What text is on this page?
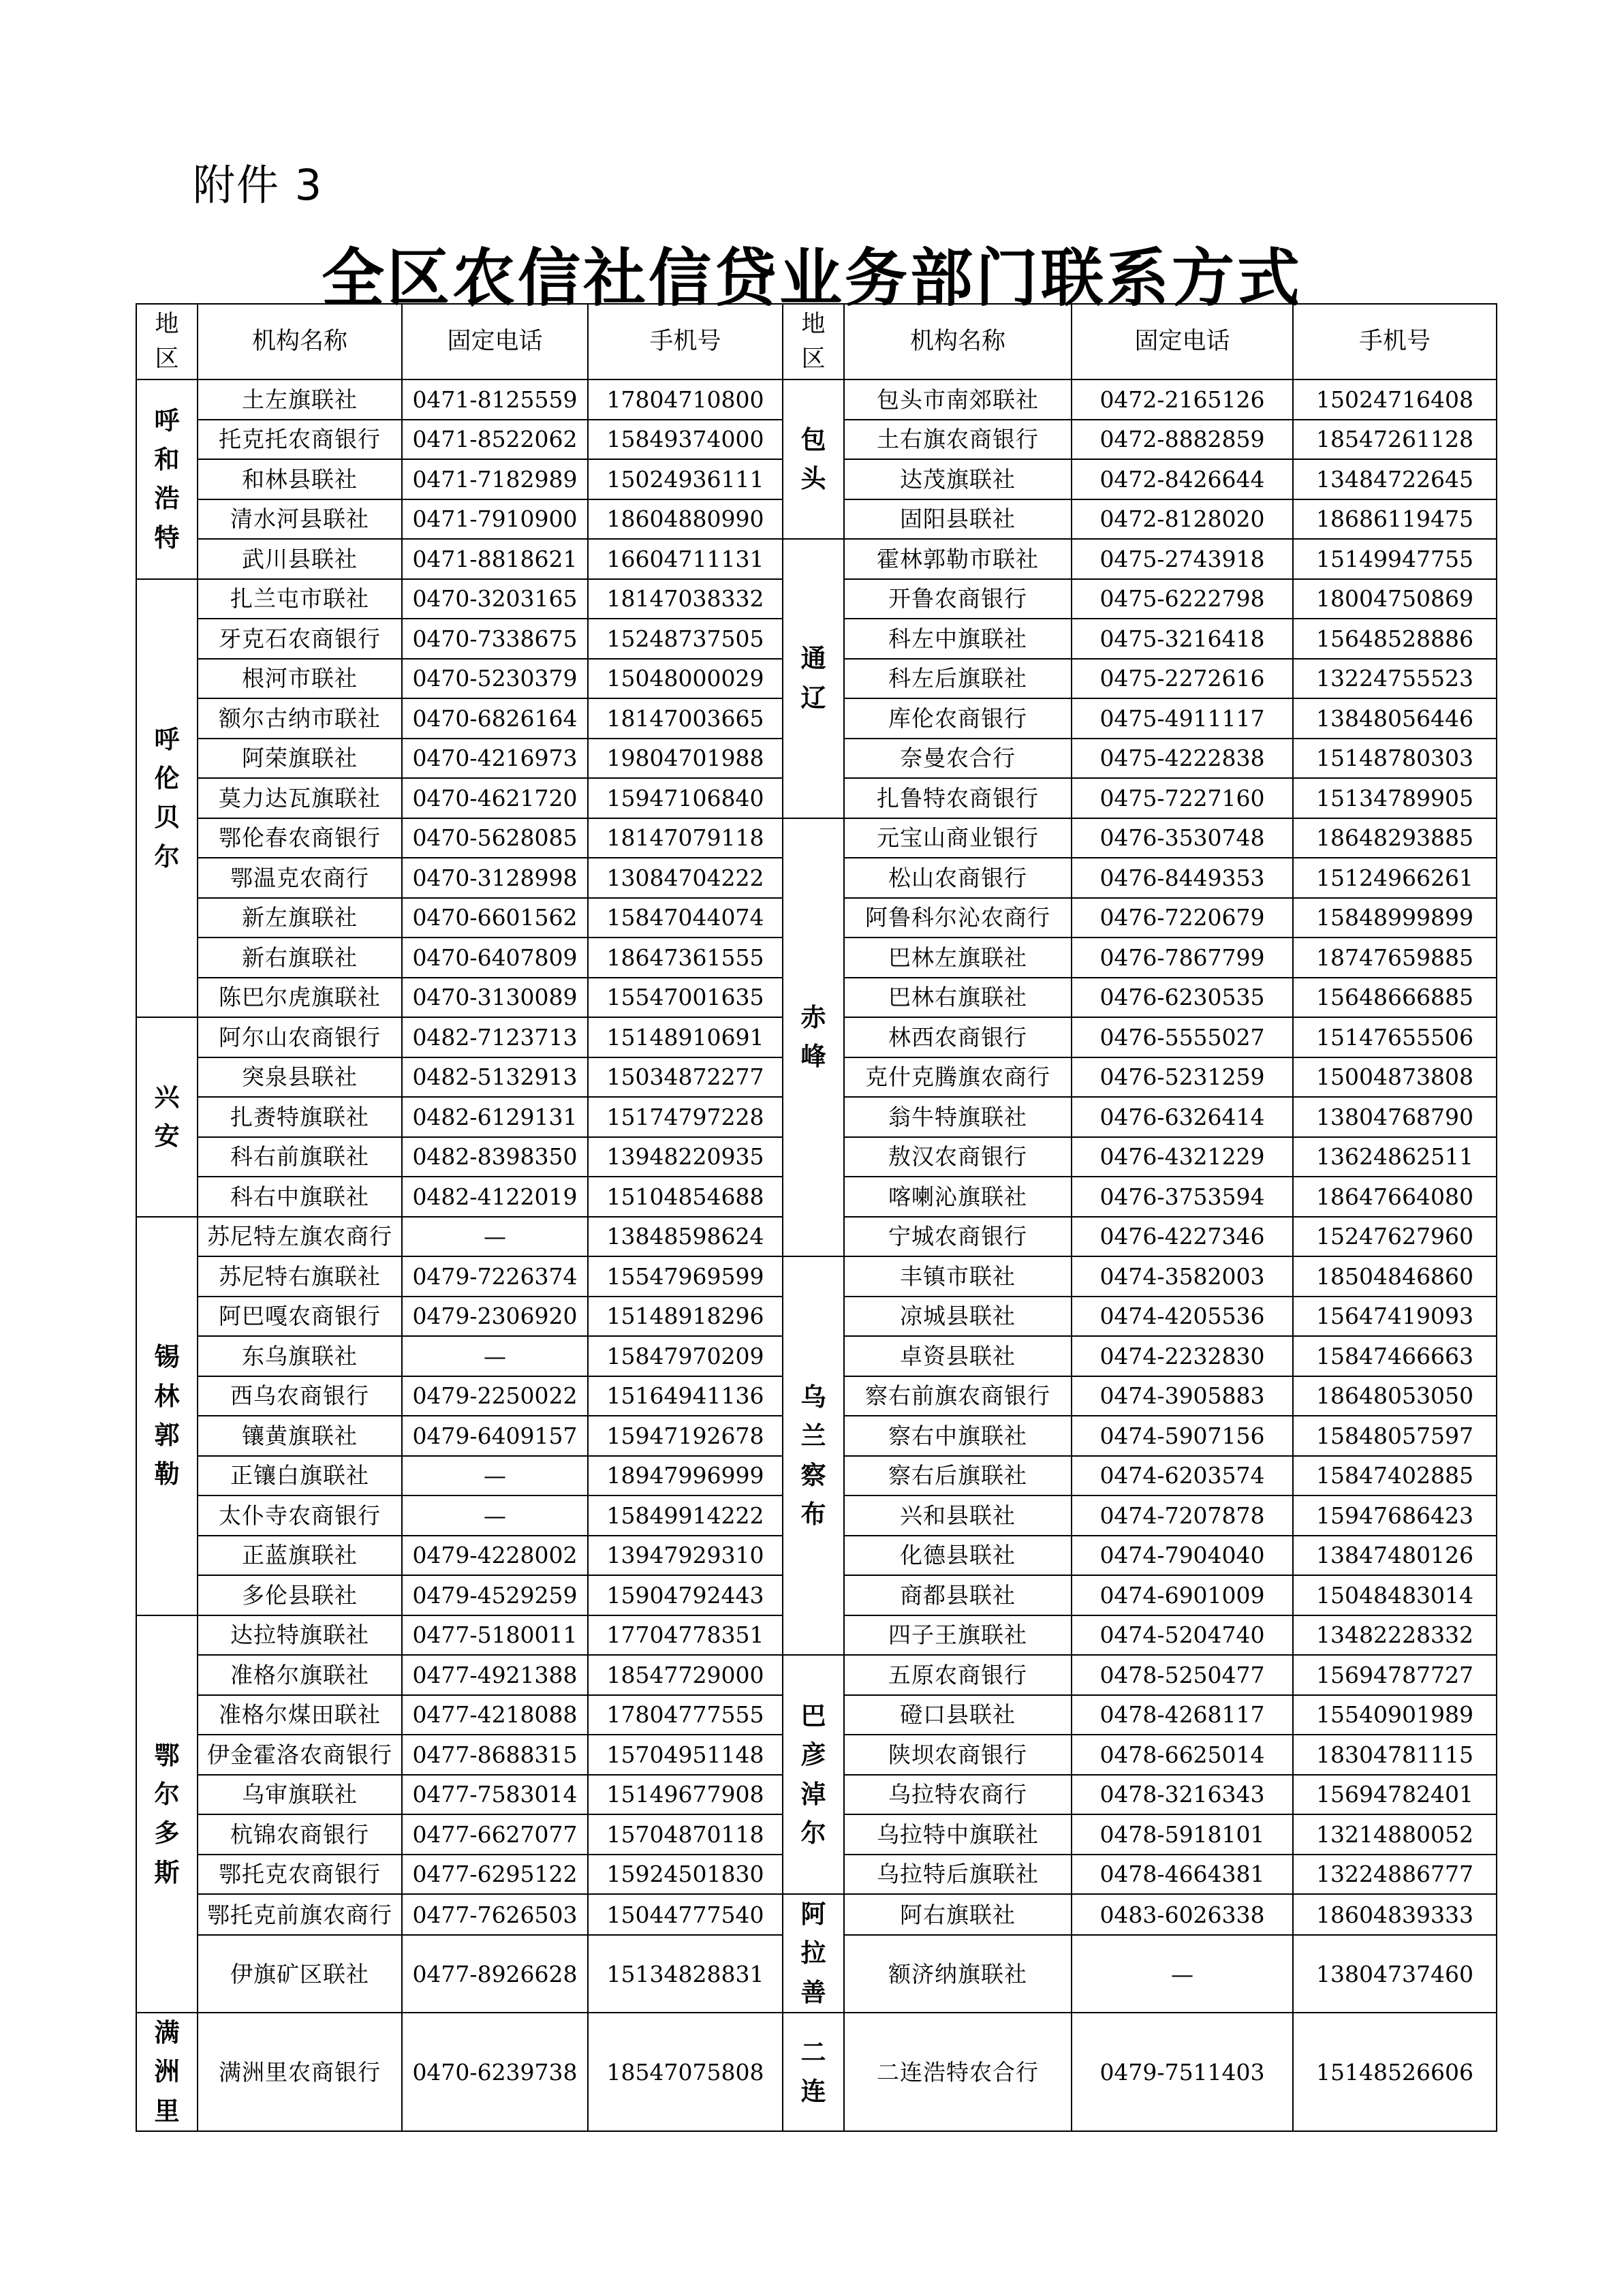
附件 3
全区农信社信贷业务部门联系方式
地区	机构名称	固定电话	手机号	地区	机构名称	固定电话	手机号
呼和浩特	土左旗联社	0471-8125559	17804710800	包头	包头市南郊联社	0472-2165126	15024716408
	托克托农商银行	0471-8522062	15849374000		土右旗农商银行	0472-8882859	18547261128
	和林县联社	0471-7182989	15024936111		达茂旗联社	0472-8426644	13484722645
	清水河县联社	0471-7910900	18604880990		固阳县联社	0472-8128020	18686119475
	武川县联社	0471-8818621	16604711131	通辽	霍林郭勒市联社	0475-2743918	15149947755
呼伦贝尔	扎兰屯市联社	0470-3203165	18147038332		开鲁农商银行	0475-6222798	18004750869
	牙克石农商银行	0470-7338675	15248737505		科左中旗联社	0475-3216418	15648528886
	根河市联社	0470-5230379	15048000029		科左后旗联社	0475-2272616	13224755523
	额尔古纳市联社	0470-6826164	18147003665		库伦农商银行	0475-4911117	13848056446
	阿荣旗联社	0470-4216973	19804701988		奈曼农合行	0475-4222838	15148780303
	莫力达瓦旗联社	0470-4621720	15947106840		扎鲁特农商银行	0475-7227160	15134789905
	鄂伦春农商银行	0470-5628085	18147079118	赤峰	元宝山商业银行	0476-3530748	18648293885
	鄂温克农商行	0470-3128998	13084704222		松山农商银行	0476-8449353	15124966261
	新左旗联社	0470-6601562	15847044074		阿鲁科尔沁农商行	0476-7220679	15848999899
	新右旗联社	0470-6407809	18647361555		巴林左旗联社	0476-7867799	18747659885
	陈巴尔虎旗联社	0470-3130089	15547001635		巴林右旗联社	0476-6230535	15648666885
兴安	阿尔山农商银行	0482-7123713	15148910691		林西农商银行	0476-5555027	15147655506
	突泉县联社	0482-5132913	15034872277		克什克腾旗农商行	0476-5231259	15004873808
	扎赉特旗联社	0482-6129131	15174797228		翁牛特旗联社	0476-6326414	13804768790
	科右前旗联社	0482-8398350	13948220935		敖汉农商银行	0476-4321229	13624862511
	科右中旗联社	0482-4122019	15104854688		喀喇沁旗联社	0476-3753594	18647664080
锡林郭勒	苏尼特左旗农商行	—	13848598624		宁城农商银行	0476-4227346	15247627960
	苏尼特右旗联社	0479-7226374	15547969599	乌兰察布	丰镇市联社	0474-3582003	18504846860
	阿巴嘎农商银行	0479-2306920	15148918296		凉城县联社	0474-4205536	15647419093
	东乌旗联社	—	15847970209		卓资县联社	0474-2232830	15847466663
	西乌农商银行	0479-2250022	15164941136		察右前旗农商银行	0474-3905883	18648053050
	镶黄旗联社	0479-6409157	15947192678		察右中旗联社	0474-5907156	15848057597
	正镶白旗联社	—	18947996999		察右后旗联社	0474-6203574	15847402885
	太仆寺农商银行	—	15849914222		兴和县联社	0474-7207878	15947686423
	正蓝旗联社	0479-4228002	13947929310		化德县联社	0474-7904040	13847480126
	多伦县联社	0479-4529259	15904792443		商都县联社	0474-6901009	15048483014
鄂尔多斯	达拉特旗联社	0477-5180011	17704778351		四子王旗联社	0474-5204740	13482228332
	准格尔旗联社	0477-4921388	18547729000	巴彦淖尔	五原农商银行	0478-5250477	15694787727
	准格尔煤田联社	0477-4218088	17804777555		磴口县联社	0478-4268117	15540901989
	伊金霍洛农商银行	0477-8688315	15704951148		陕坝农商银行	0478-6625014	18304781115
	乌审旗联社	0477-7583014	15149677908		乌拉特农商行	0478-3216343	15694782401
	杭锦农商银行	0477-6627077	15704870118		乌拉特中旗联社	0478-5918101	13214880052
	鄂托克农商银行	0477-6295122	15924501830		乌拉特后旗联社	0478-4664381	13224886777
	鄂托克前旗农商行	0477-7626503	15044777540	阿拉善	阿右旗联社	0483-6026338	18604839333
	伊旗矿区联社	0477-8926628	15134828831		额济纳旗联社	—	13804737460
满洲里	满洲里农商银行	0470-6239738	18547075808	二连	二连浩特农合行	0479-7511403	15148526606
